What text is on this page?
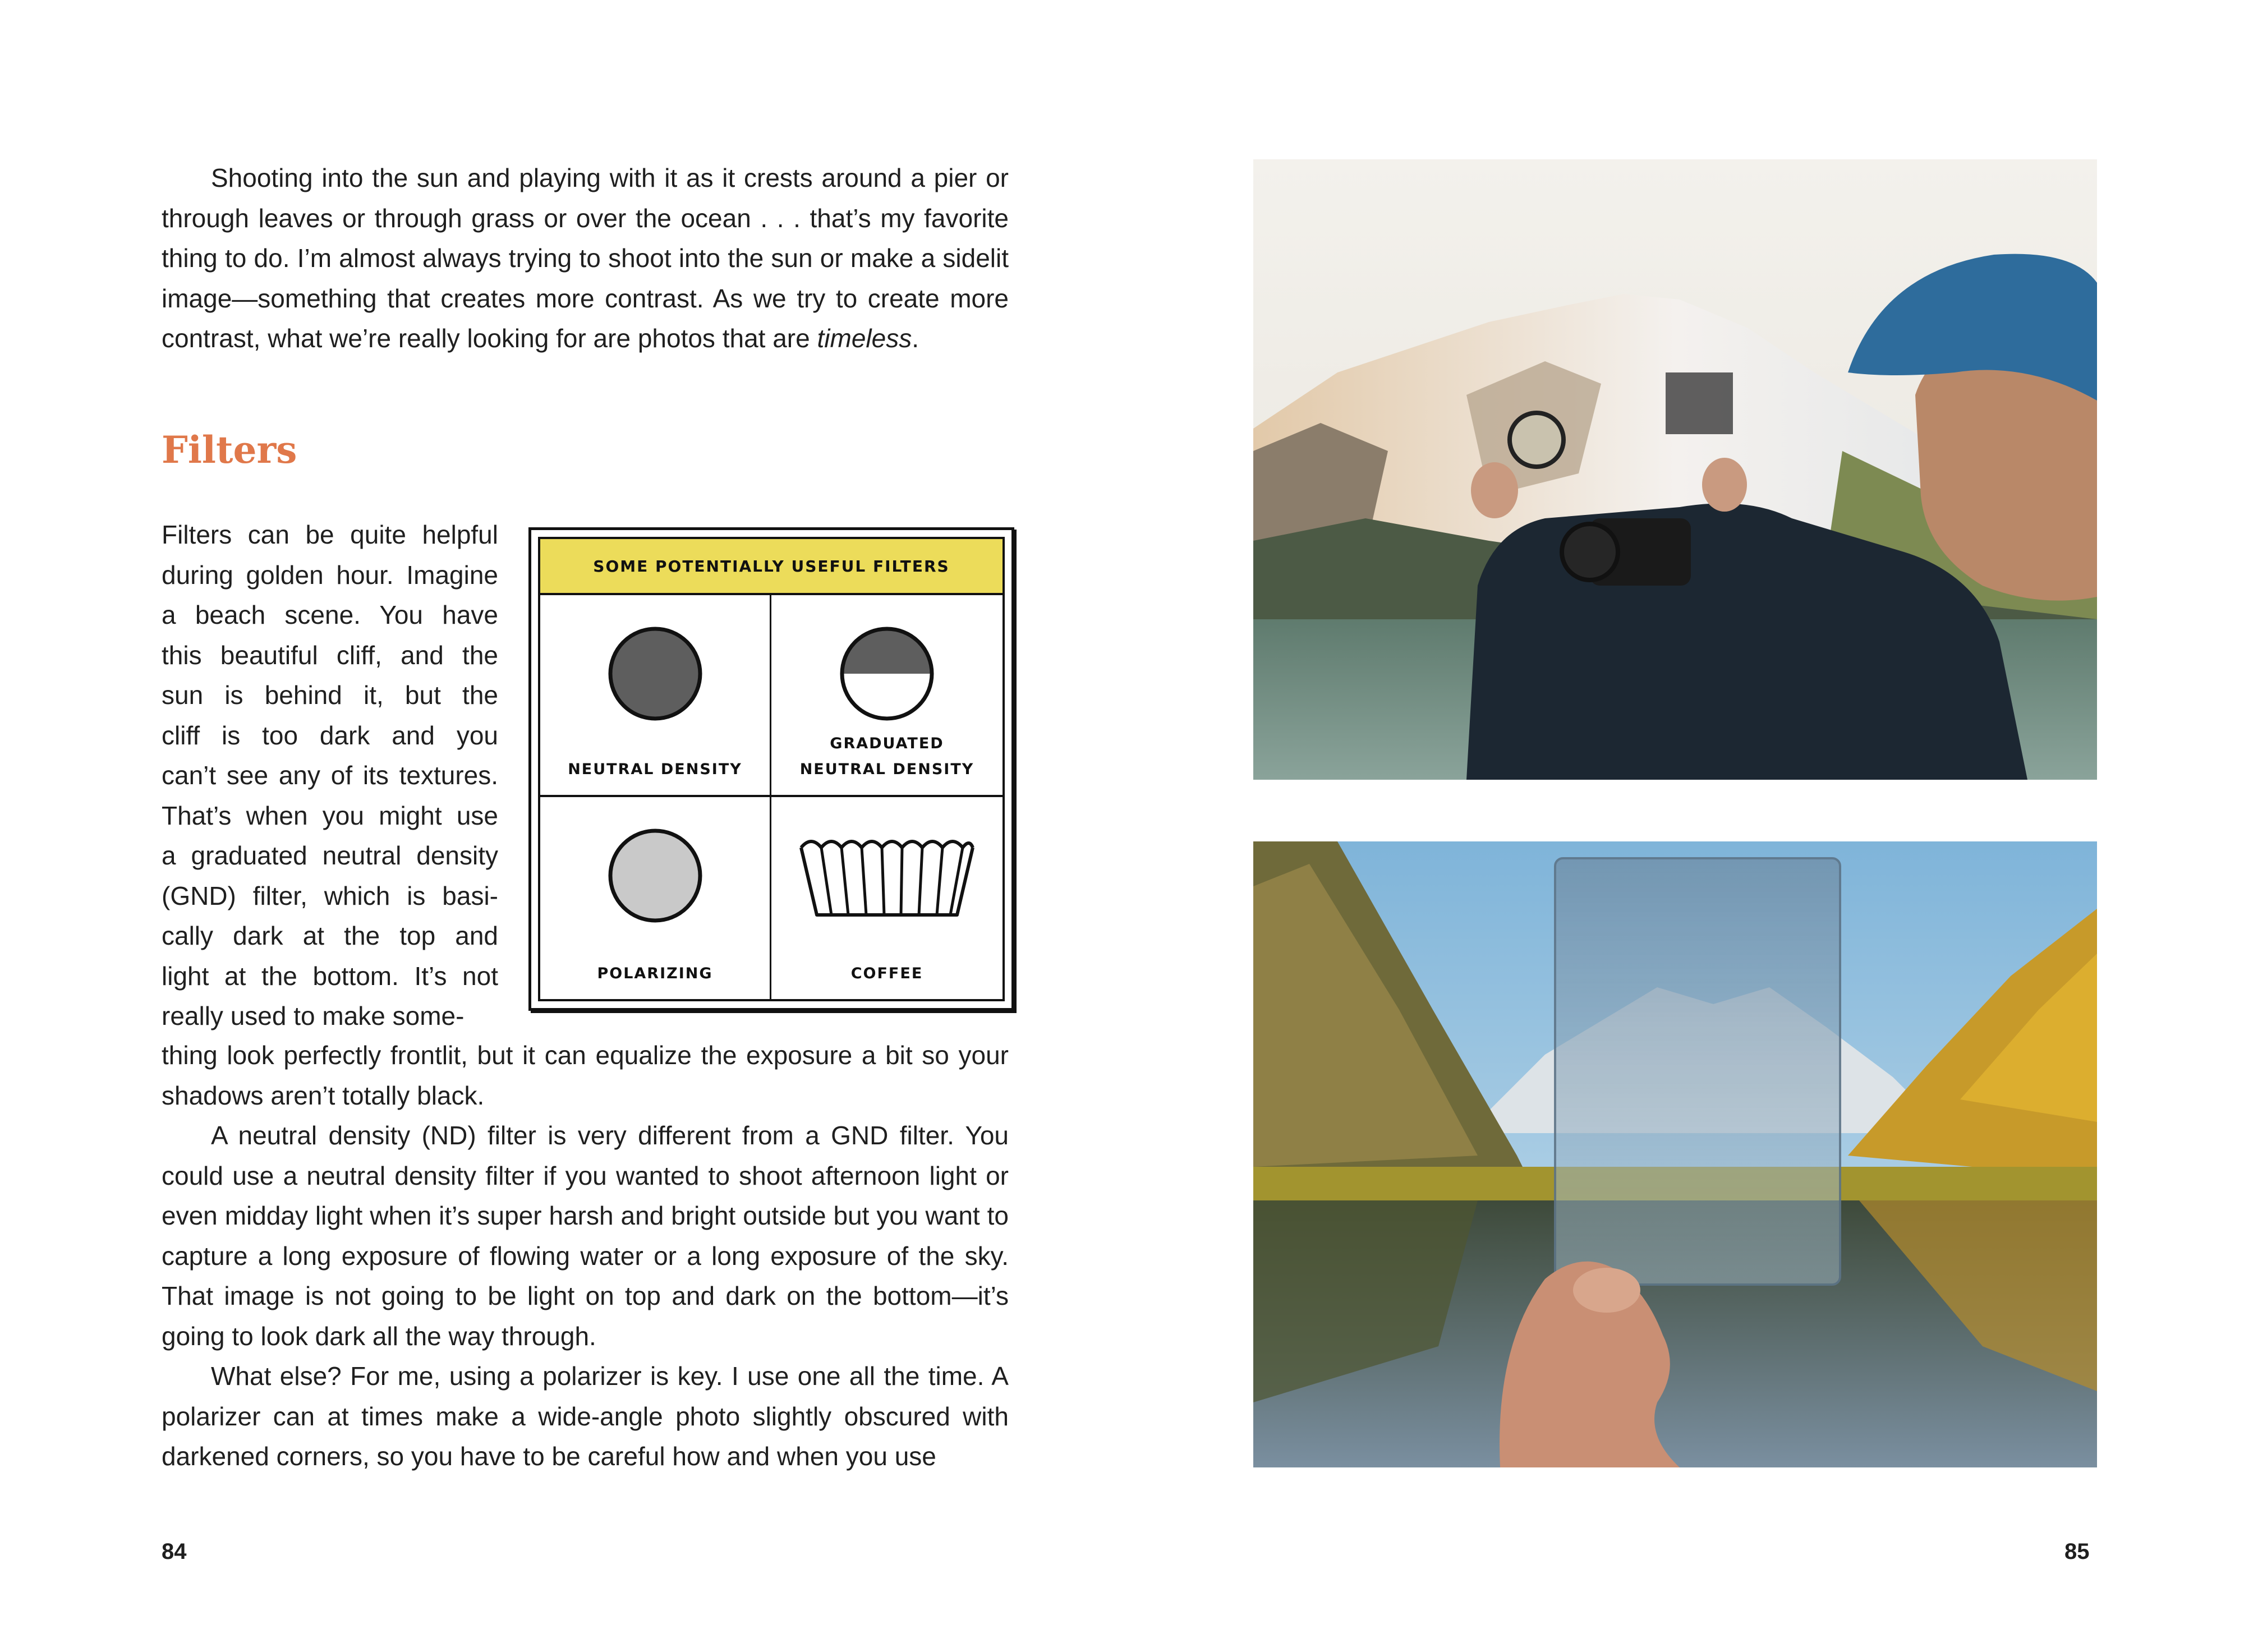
Shooting into the sun and playing with it as it crests around a pier or through leaves or through grass or over the ocean . . . that’s my favorite thing to do. I’m almost always trying to shoot into the sun or make a sidelit image—something that creates more contrast. As we try to create more contrast, what we’re really looking for are photos that are timeless.

Filters
Filters can be quite helpful
during golden hour. Imagine
a beach scene. You have
this beautiful cliff, and the
sun is behind it, but the
cliff is too dark and you
can’t see any of its textures.
That’s when you might use
a graduated neutral density
(GND) filter, which is basi-
cally dark at the top and
light at the bottom. It’s not
really used to make some-
SOME POTENTIALLY USEFUL FILTERS
NEUTRAL DENSITY
GRADUATED
NEUTRAL DENSITY
POLARIZING	COFFEE

thing look perfectly frontlit, but it can equalize the exposure a bit so your shadows aren’t totally black.

A neutral density (ND) filter is very different from a GND filter. You could use a neutral density filter if you wanted to shoot afternoon light or even midday light when it’s super harsh and bright outside but you want to capture a long exposure of flowing water or a long exposure of the sky. That image is not going to be light on top and dark on the bottom—it’s going to look dark all the way through.

What else? For me, using a polarizer is key. I use one all the time. A polarizer can at times make a wide-angle photo slightly obscured with darkened corners, so you have to be careful how and when you use

84	85
